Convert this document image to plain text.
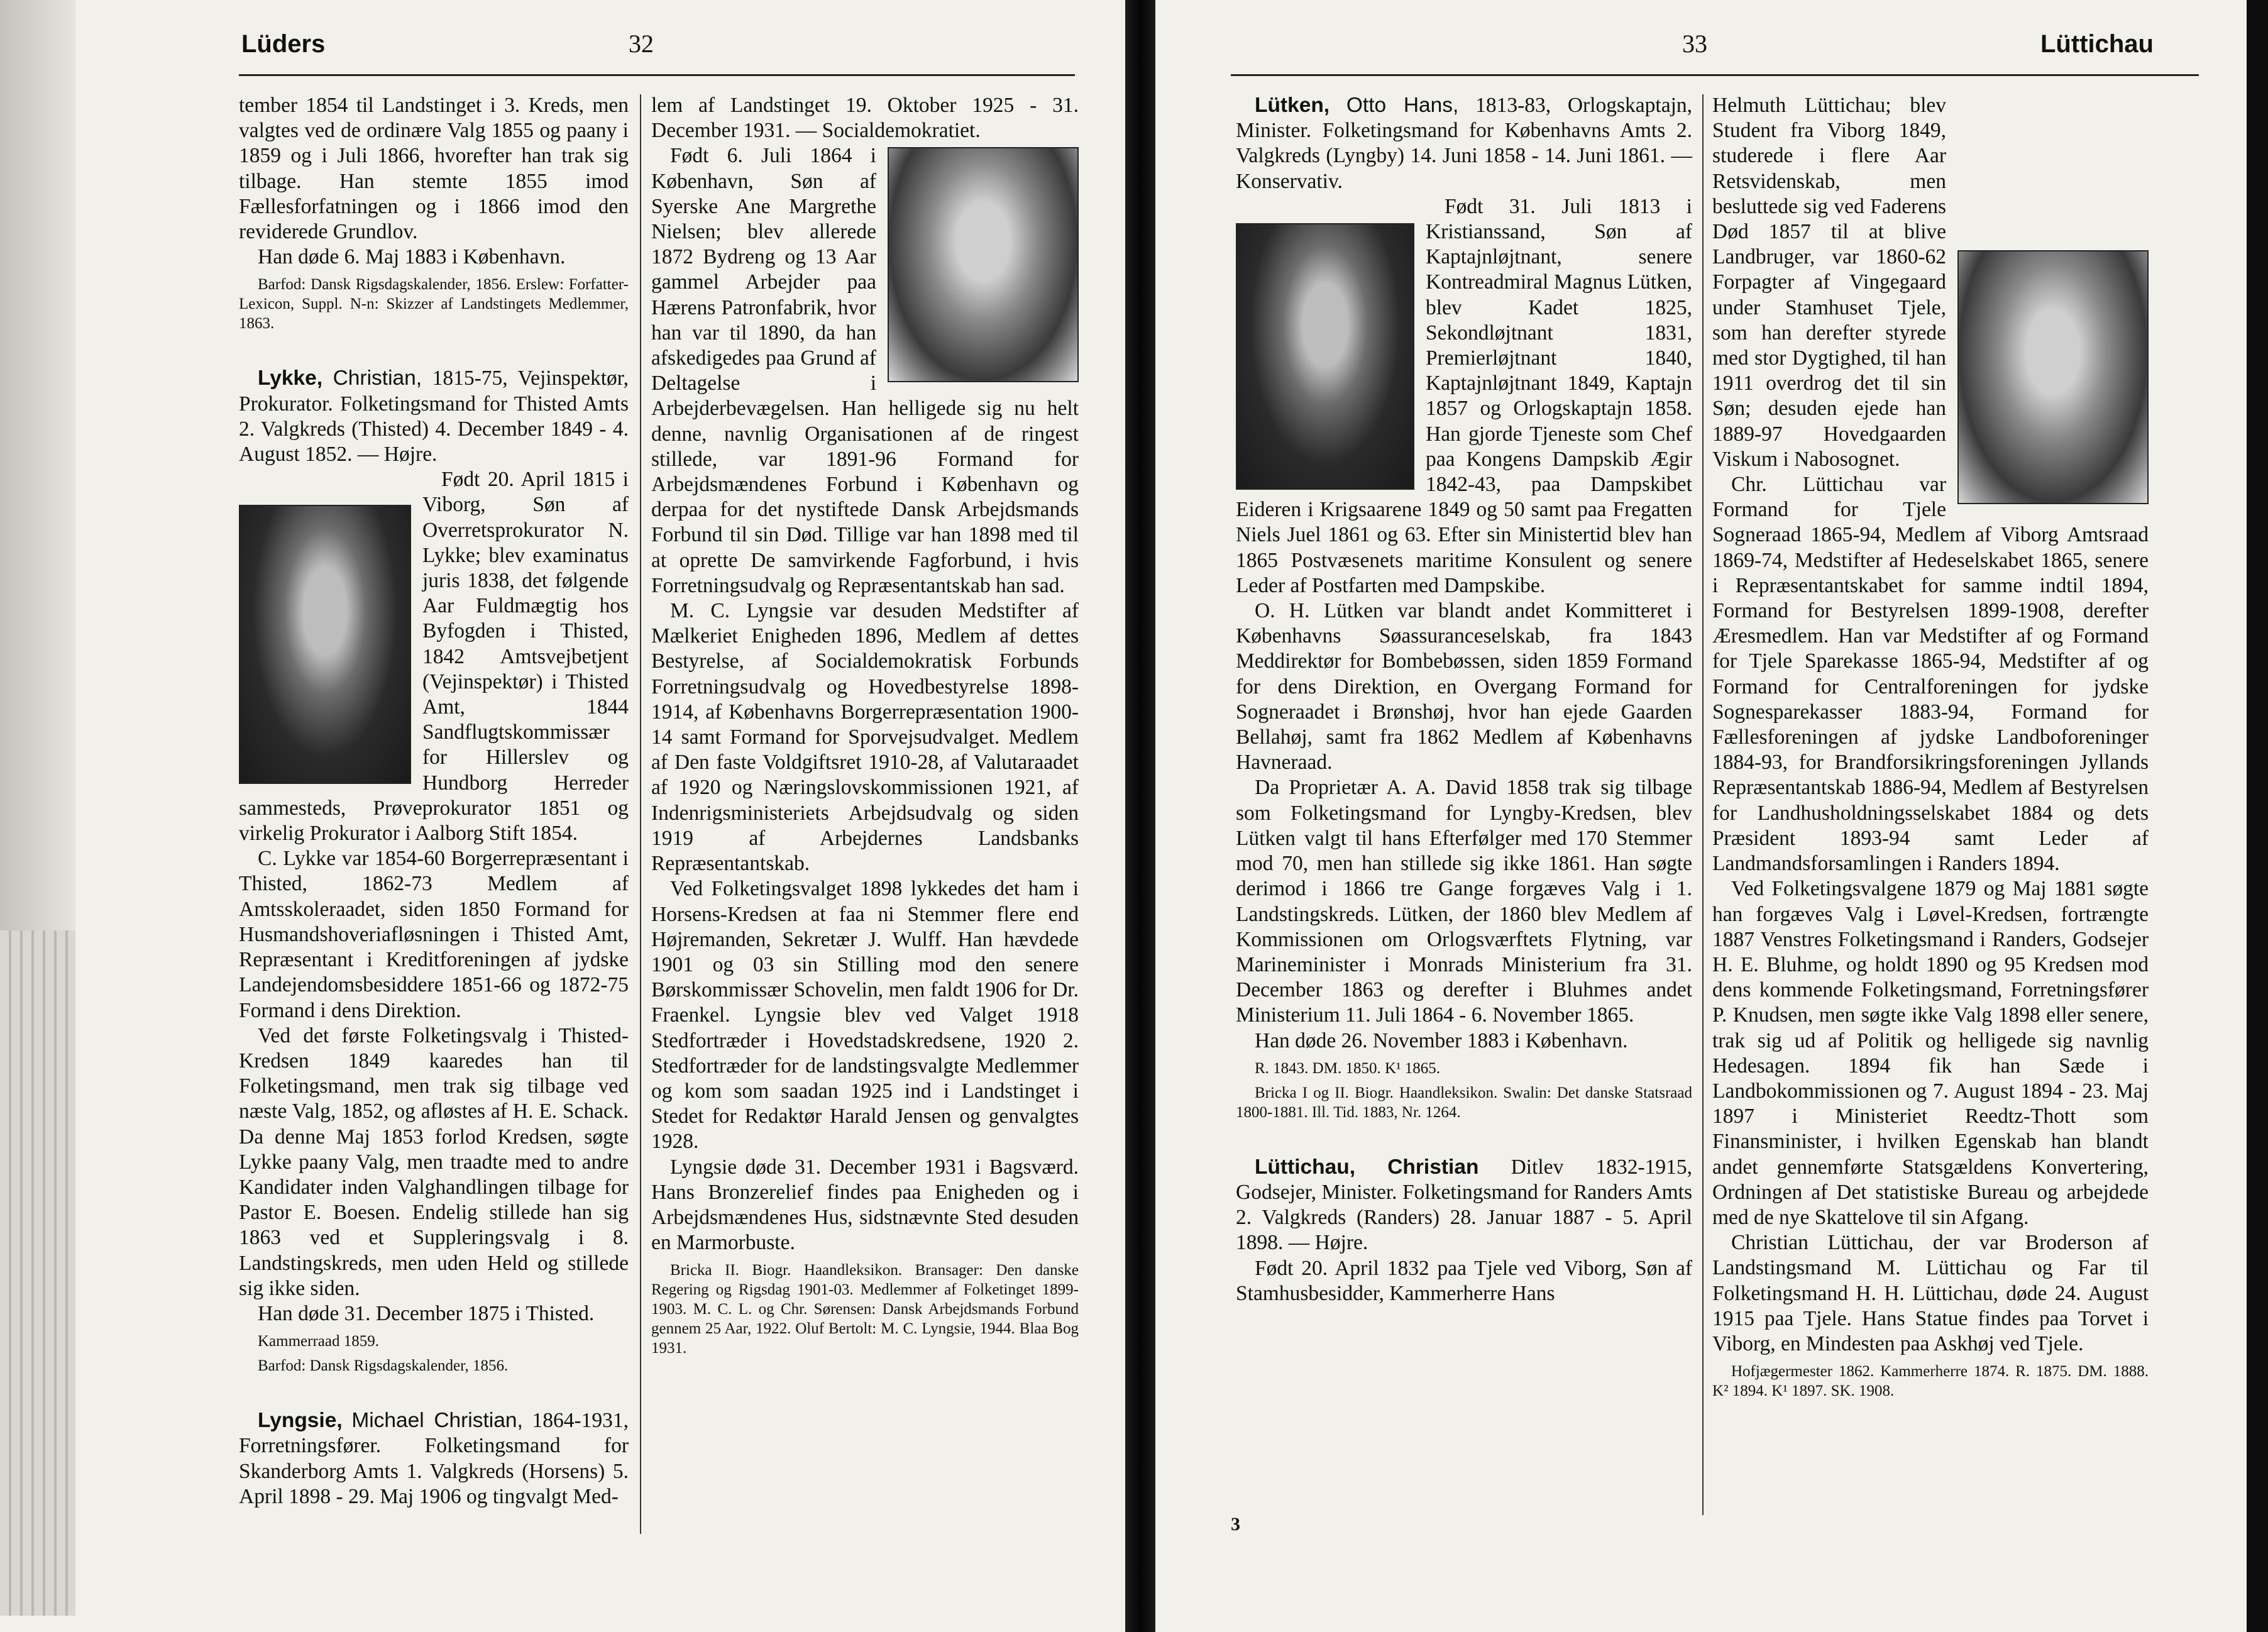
Lüders	32

tember 1854 til Landstinget i 3. Kreds, men valgtes ved de ordinære Valg 1855 og paany i 1859 og i Juli 1866, hvorefter han trak sig tilbage. Han stemte 1855 imod Fællesforfatningen og i 1866 imod den reviderede Grundlov.

Han døde 6. Maj 1883 i København.

Barfod: Dansk Rigsdagskalender, 1856. Erslew: Forfatter-Lexicon, Suppl. N-n: Skizzer af Landstingets Medlemmer, 1863.

Lykke, Christian, 1815-75, Vejinspektør, Prokurator. Folketingsmand for Thisted Amts 2. Valgkreds (Thisted) 4. December 1849 - 4. August 1852. — Højre.

Født 20. April 1815 i Viborg, Søn af Overretsprokurator N. Lykke; blev examinatus juris 1838, det følgende Aar Fuldmægtig hos Byfogden i Thisted, 1842 Amtsvejbetjent (Vejinspektør) i Thisted Amt, 1844 Sandflugtskommissær for Hillerslev og Hundborg Herreder sammesteds, Prøveprokurator 1851 og virkelig Prokurator i Aalborg Stift 1854.

C. Lykke var 1854-60 Borgerrepræsentant i Thisted, 1862-73 Medlem af Amtsskoleraadet, siden 1850 Formand for Husmandshoveriafløsningen i Thisted Amt, Repræsentant i Kreditforeningen af jydske Landejendomsbesiddere 1851-66 og 1872-75 Formand i dens Direktion.

Ved det første Folketingsvalg i Thisted-Kredsen 1849 kaaredes han til Folketingsmand, men trak sig tilbage ved næste Valg, 1852, og afløstes af H. E. Schack. Da denne Maj 1853 forlod Kredsen, søgte Lykke paany Valg, men traadte med to andre Kandidater inden Valghandlingen tilbage for Pastor E. Boesen. Endelig stillede han sig 1863 ved et Suppleringsvalg i 8. Landstingskreds, men uden Held og stillede sig ikke siden.

Han døde 31. December 1875 i Thisted.

Kammerraad 1859.

Barfod: Dansk Rigsdagskalender, 1856.

Lyngsie, Michael Christian, 1864-1931, Forretningsfører. Folketingsmand for Skanderborg Amts 1. Valgkreds (Horsens) 5. April 1898 - 29. Maj 1906 og tingvalgt Med-

lem af Landstinget 19. Oktober 1925 - 31. December 1931. — Socialdemokratiet.

Født 6. Juli 1864 i København, Søn af Syerske Ane Margrethe Nielsen; blev allerede 1872 Bydreng og 13 Aar gammel Arbejder paa Hærens Patronfabrik, hvor han var til 1890, da han afskedigedes paa Grund af Deltagelse i Arbejderbevægelsen. Han helligede sig nu helt denne, navnlig Organisationen af de ringest stillede, var 1891-96 Formand for Arbejdsmændenes Forbund i København og derpaa for det nystiftede Dansk Arbejdsmands Forbund til sin Død. Tillige var han 1898 med til at oprette De samvirkende Fagforbund, i hvis Forretningsudvalg og Repræsentantskab han sad.

M. C. Lyngsie var desuden Medstifter af Mælkeriet Enigheden 1896, Medlem af dettes Bestyrelse, af Socialdemokratisk Forbunds Forretningsudvalg og Hovedbestyrelse 1898-1914, af Københavns Borgerrepræsentation 1900-14 samt Formand for Sporvejsudvalget. Medlem af Den faste Voldgiftsret 1910-28, af Valutaraadet af 1920 og Næringslovskommissionen 1921, af Indenrigsministeriets Arbejdsudvalg og siden 1919 af Arbejdernes Landsbanks Repræsentantskab.

Ved Folketingsvalget 1898 lykkedes det ham i Horsens-Kredsen at faa ni Stemmer flere end Højremanden, Sekretær J. Wulff. Han hævdede 1901 og 03 sin Stilling mod den senere Børskommissær Schovelin, men faldt 1906 for Dr. Fraenkel. Lyngsie blev ved Valget 1918 Stedfortræder i Hovedstadskredsene, 1920 2. Stedfortræder for de landstingsvalgte Medlemmer og kom som saadan 1925 ind i Landstinget i Stedet for Redaktør Harald Jensen og genvalgtes 1928.

Lyngsie døde 31. December 1931 i Bagsværd. Hans Bronzerelief findes paa Enigheden og i Arbejdsmændenes Hus, sidstnævnte Sted desuden en Marmorbuste.

Bricka II. Biogr. Haandleksikon. Bransager: Den danske Regering og Rigsdag 1901-03. Medlemmer af Folketinget 1899-1903. M. C. L. og Chr. Sørensen: Dansk Arbejdsmands Forbund gennem 25 Aar, 1922. Oluf Bertolt: M. C. Lyngsie, 1944. Blaa Bog 1931.

33	Lüttichau

Lütken, Otto Hans, 1813-83, Orlogskaptajn, Minister. Folketingsmand for Københavns Amts 2. Valgkreds (Lyngby) 14. Juni 1858 - 14. Juni 1861. — Konservativ.

Født 31. Juli 1813 i Kristianssand, Søn af Kaptajnløjtnant, senere Kontreadmiral Magnus Lütken, blev Kadet 1825, Sekondløjtnant 1831, Premierløjtnant 1840, Kaptajnløjtnant 1849, Kaptajn 1857 og Orlogskaptajn 1858. Han gjorde Tjeneste som Chef paa Kongens Dampskib Ægir 1842-43, paa Dampskibet Eideren i Krigsaarene 1849 og 50 samt paa Fregatten Niels Juel 1861 og 63. Efter sin Ministertid blev han 1865 Postvæsenets maritime Konsulent og senere Leder af Postfarten med Dampskibe.

O. H. Lütken var blandt andet Kommitteret i Københavns Søassuranceselskab, fra 1843 Meddirektør for Bombebøssen, siden 1859 Formand for dens Direktion, en Overgang Formand for Sogneraadet i Brønshøj, hvor han ejede Gaarden Bellahøj, samt fra 1862 Medlem af Københavns Havneraad.

Da Proprietær A. A. David 1858 trak sig tilbage som Folketingsmand for Lyngby-Kredsen, blev Lütken valgt til hans Efterfølger med 170 Stemmer mod 70, men han stillede sig ikke 1861. Han søgte derimod i 1866 tre Gange forgæves Valg i 1. Landstingskreds. Lütken, der 1860 blev Medlem af Kommissionen om Orlogsværftets Flytning, var Marineminister i Monrads Ministerium fra 31. December 1863 og derefter i Bluhmes andet Ministerium 11. Juli 1864 - 6. November 1865.

Han døde 26. November 1883 i København.

R. 1843. DM. 1850. K¹ 1865.

Bricka I og II. Biogr. Haandleksikon. Swalin: Det danske Statsraad 1800-1881. Ill. Tid. 1883, Nr. 1264.

Lüttichau, Christian Ditlev 1832-1915, Godsejer, Minister. Folketingsmand for Randers Amts 2. Valgkreds (Randers) 28. Januar 1887 - 5. April 1898. — Højre.

Født 20. April 1832 paa Tjele ved Viborg, Søn af Stamhusbesidder, Kammerherre Hans

Helmuth Lüttichau; blev Student fra Viborg 1849, studerede i flere Aar Retsvidenskab, men besluttede sig ved Faderens Død 1857 til at blive Landbruger, var 1860-62 Forpagter af Vingegaard under Stamhuset Tjele, som han derefter styrede med stor Dygtighed, til han 1911 overdrog det til sin Søn; desuden ejede han 1889-97 Hovedgaarden Viskum i Nabosognet.

Chr. Lüttichau var Formand for Tjele Sogneraad 1865-94, Medlem af Viborg Amtsraad 1869-74, Medstifter af Hedeselskabet 1865, senere i Repræsentantskabet for samme indtil 1894, Formand for Bestyrelsen 1899-1908, derefter Æresmedlem. Han var Medstifter af og Formand for Tjele Sparekasse 1865-94, Medstifter af og Formand for Centralforeningen for jydske Sognesparekasser 1883-94, Formand for Fællesforeningen af jydske Landboforeninger 1884-93, for Brandforsikringsforeningen Jyllands Repræsentantskab 1886-94, Medlem af Bestyrelsen for Landhusholdningsselskabet 1884 og dets Præsident 1893-94 samt Leder af Landmandsforsamlingen i Randers 1894.

Ved Folketingsvalgene 1879 og Maj 1881 søgte han forgæves Valg i Løvel-Kredsen, fortrængte 1887 Venstres Folketingsmand i Randers, Godsejer H. E. Bluhme, og holdt 1890 og 95 Kredsen mod dens kommende Folketingsmand, Forretningsfører P. Knudsen, men søgte ikke Valg 1898 eller senere, trak sig ud af Politik og helligede sig navnlig Hedesagen. 1894 fik han Sæde i Landbokommissionen og 7. August 1894 - 23. Maj 1897 i Ministeriet Reedtz-Thott som Finansminister, i hvilken Egenskab han blandt andet gennemførte Statsgældens Konvertering, Ordningen af Det statistiske Bureau og arbejdede med de nye Skattelove til sin Afgang.

Christian Lüttichau, der var Broderson af Landstingsmand M. Lüttichau og Far til Folketingsmand H. H. Lüttichau, døde 24. August 1915 paa Tjele. Hans Statue findes paa Torvet i Viborg, en Mindesten paa Askhøj ved Tjele.

Hofjægermester 1862. Kammerherre 1874. R. 1875. DM. 1888. K² 1894. K¹ 1897. SK. 1908.

3
